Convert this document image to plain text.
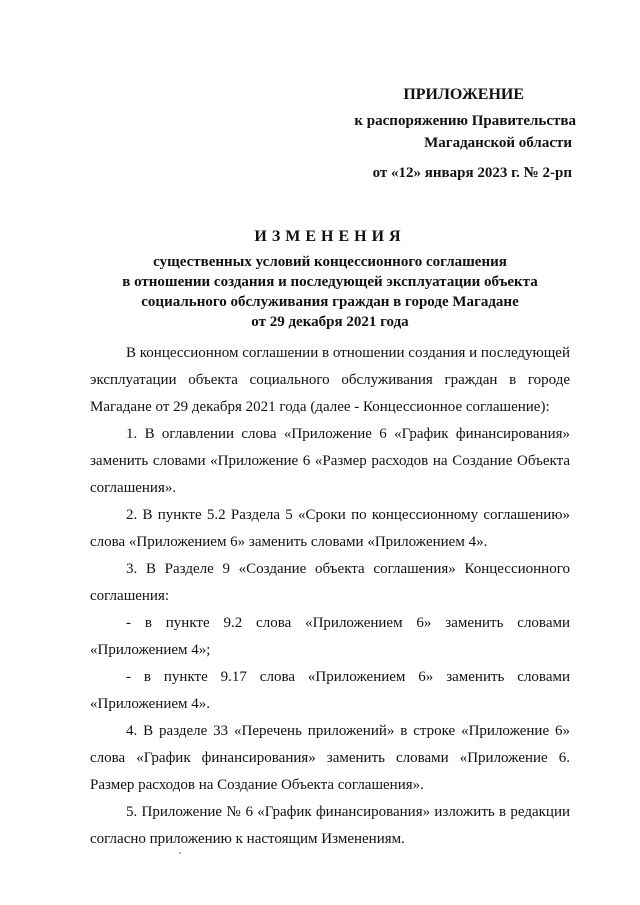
ПРИЛОЖЕНИЕ
к распоряжению Правительства
Магаданской области
от «12» января 2023 г. № 2-рп
ИЗМЕНЕНИЯ
существенных условий концессионного соглашения
в отношении создания и последующей эксплуатации объекта
социального обслуживания граждан в городе Магадане
от 29 декабря 2021 года

В концессионном соглашении в отношении создания и последующей эксплуатации объекта социального обслуживания граждан в городе Магадане от 29 декабря 2021 года (далее - Концессионное соглашение):

1. В оглавлении слова «Приложение 6 «График финансирования» заменить словами «Приложение 6 «Размер расходов на Создание Объекта соглашения».

2. В пункте 5.2 Раздела 5 «Сроки по концессионному соглашению» слова «Приложением 6» заменить словами «Приложением 4».

3. В Разделе 9 «Создание объекта соглашения» Концессионного соглашения:

- в пункте 9.2 слова «Приложением 6» заменить словами «Приложением 4»;

- в пункте 9.17 слова «Приложением 6» заменить словами «Приложением 4».

4. В разделе 33 «Перечень приложений» в строке «Приложение 6» слова «График финансирования» заменить словами «Приложение 6. Размер расходов на Создание Объекта соглашения».

5. Приложение № 6 «График финансирования» изложить в редакции согласно приложению к настоящим Изменениям.
